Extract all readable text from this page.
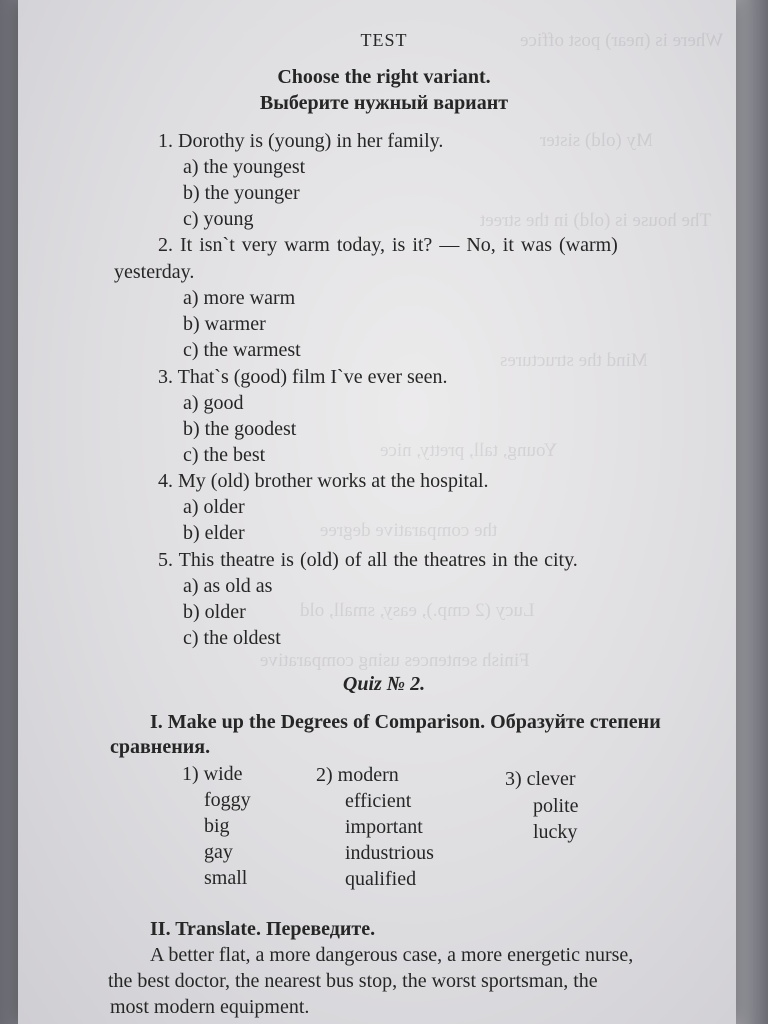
Where is (near) post office
My (old) sister
The house is (old) in the street
Mind the structures
Young, tall, pretty, nice
the comparative degree
Lucy (2 cmp.), easy, small, old
Finish sentences using comparative
TEST
Choose the right variant.
Выберите нужный вариант
1. Dorothy is (young) in her family.
a) the youngest
b) the younger
c) young
2. It isn`t very warm today, is it? — No, it was (warm)
yesterday.
a) more warm
b) warmer
c) the warmest
3. That`s (good) film I`ve ever seen.
a) good
b) the goodest
c) the best
4. My (old) brother works at the hospital.
a) older
b) elder
5. This theatre is (old) of all the theatres in the city.
a) as old as
b) older
c) the oldest
Quiz № 2.
I. Make up the Degrees of Comparison. Образуйте степени
сравнения.
1) wide
foggy
big
gay
small
2) modern
efficient
important
industrious
qualified
3) clever
polite
lucky
II. Translate. Переведите.
A better flat, a more dangerous case, a more energetic nurse,
the best doctor, the nearest bus stop, the worst sportsman, the
most modern equipment.
